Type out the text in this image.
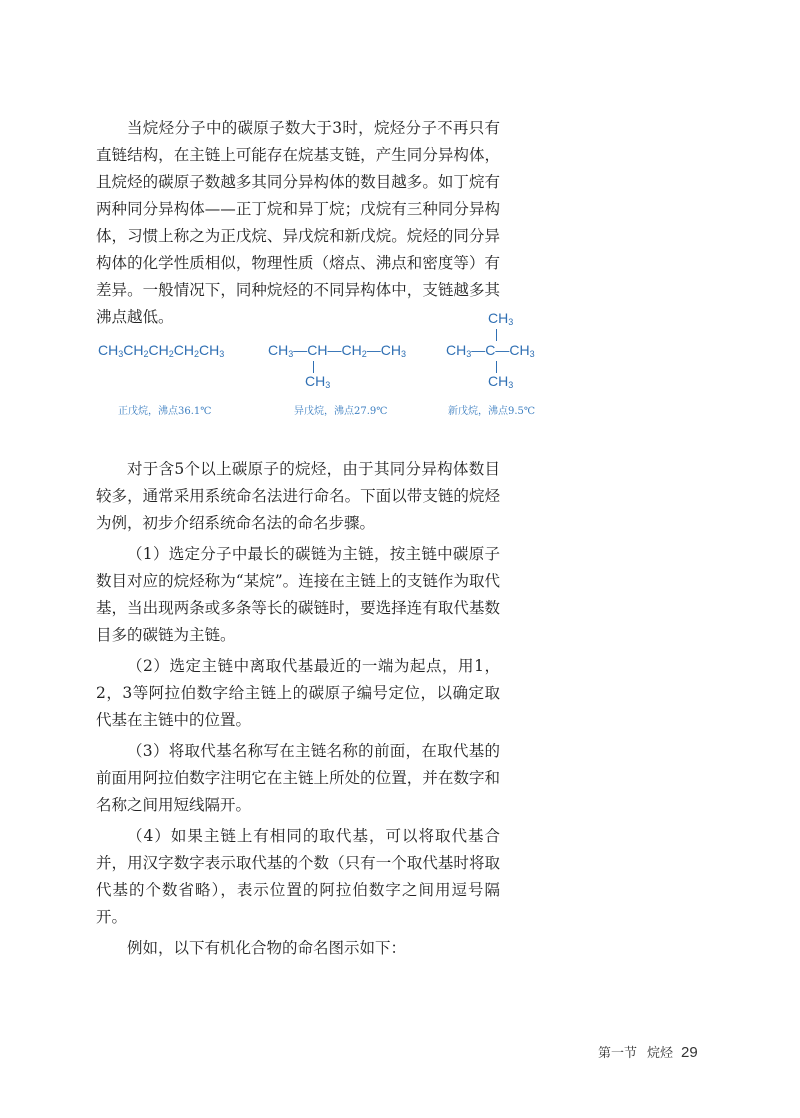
当烷烃分子中的碳原子数大于3时，烷烃分子不再只有直链结构，在主链上可能存在烷基支链，产生同分异构体，且烷烃的碳原子数越多其同分异构体的数目越多。如丁烷有两种同分异构体——正丁烷和异丁烷；戊烷有三种同分异构体，习惯上称之为正戊烷、异戊烷和新戊烷。烷烃的同分异构体的化学性质相似，物理性质（熔点、沸点和密度等）有差异。一般情况下，同种烷烃的不同异构体中，支链越多其沸点越低。

$CH_3CH_2CH_2CH_2CH_3$
正戊烷，沸点36.1℃
$CH_3—CH—CH_2—CH_3$
$CH_3$
异戊烷，沸点27.9℃
$CH_3$
$CH_3—C—CH_3$
$CH_3$
新戊烷，沸点9.5℃

对于含5个以上碳原子的烷烃，由于其同分异构体数目较多，通常采用系统命名法进行命名。下面以带支链的烷烃为例，初步介绍系统命名法的命名步骤。

（1）选定分子中最长的碳链为主链，按主链中碳原子数目对应的烷烃称为“某烷”。连接在主链上的支链作为取代基，当出现两条或多条等长的碳链时，要选择连有取代基数目多的碳链为主链。

（2）选定主链中离取代基最近的一端为起点，用1，2，3等阿拉伯数字给主链上的碳原子编号定位，以确定取代基在主链中的位置。

（3）将取代基名称写在主链名称的前面，在取代基的前面用阿拉伯数字注明它在主链上所处的位置，并在数字和名称之间用短线隔开。

（4）如果主链上有相同的取代基，可以将取代基合并，用汉字数字表示取代基的个数（只有一个取代基时将取代基的个数省略），表示位置的阿拉伯数字之间用逗号隔开。

例如，以下有机化合物的命名图示如下：

第一节 烷烃 29
